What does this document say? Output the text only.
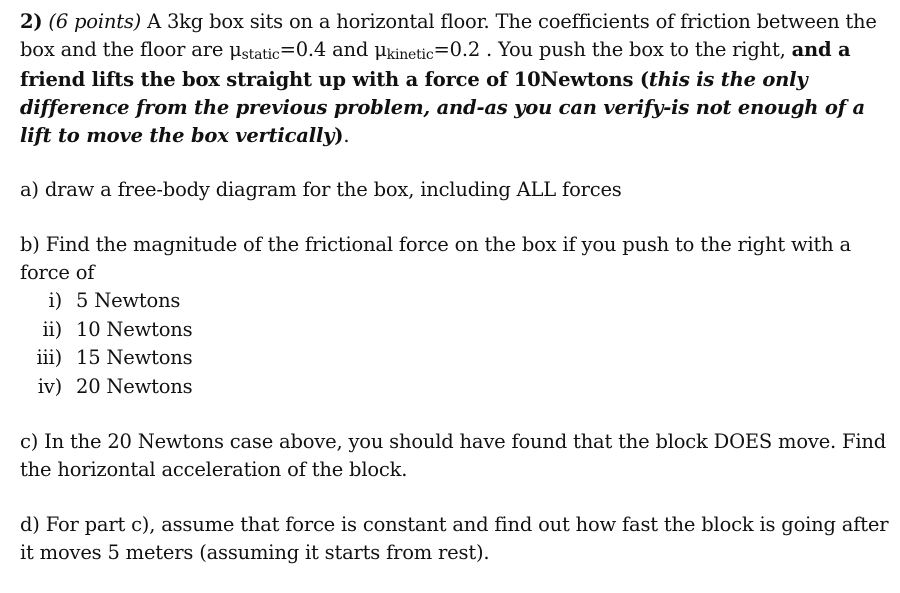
2) (6 points) A 3kg box sits on a horizontal floor. The coefficients of friction between the box and the floor are μstatic=0.4 and μkinetic=0.2 . You push the box to the right, and a friend lifts the box straight up with a force of 10Newtons (this is the only difference from the previous problem, and-as you can verify-is not enough of a lift to move the box vertically).

a) draw a free-body diagram for the box, including ALL forces

b) Find the magnitude of the frictional force on the box if you push to the right with a force of

i) 5 Newtons
ii) 10 Newtons
iii) 15 Newtons
iv) 20 Newtons

c) In the 20 Newtons case above, you should have found that the block DOES move. Find the horizontal acceleration of the block.

d) For part c), assume that force is constant and find out how fast the block is going after it moves 5 meters (assuming it starts from rest).
